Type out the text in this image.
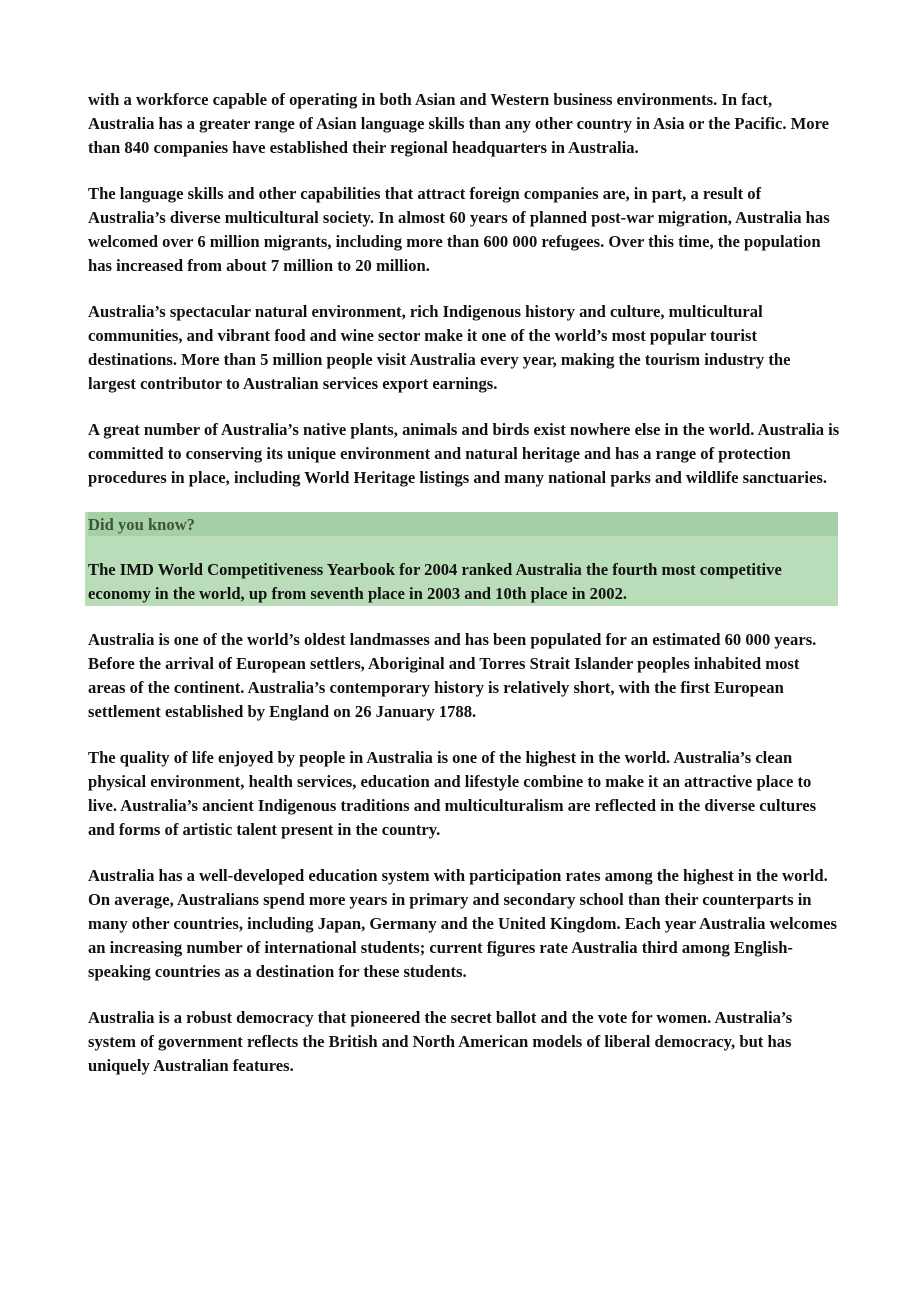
with a workforce capable of operating in both Asian and Western business environments. In fact, Australia has a greater range of Asian language skills than any other country in Asia or the Pacific. More than 840 companies have established their regional headquarters in Australia.

The language skills and other capabilities that attract foreign companies are, in part, a result of Australia’s diverse multicultural society. In almost 60 years of planned post-war migration, Australia has welcomed over 6 million migrants, including more than 600 000 refugees. Over this time, the population has increased from about 7 million to 20 million.

Australia’s spectacular natural environment, rich Indigenous history and culture, multicultural communities, and vibrant food and wine sector make it one of the world’s most popular tourist destinations. More than 5 million people visit Australia every year, making the tourism industry the largest contributor to Australian services export earnings.

A great number of Australia’s native plants, animals and birds exist nowhere else in the world. Australia is committed to conserving its unique environment and natural heritage and has a range of protection procedures in place, including World Heritage listings and many national parks and wildlife sanctuaries.

Did you know?

The IMD World Competitiveness Yearbook for 2004 ranked Australia the fourth most competitive economy in the world, up from seventh place in 2003 and 10th place in 2002.

Australia is one of the world’s oldest landmasses and has been populated for an estimated 60 000 years. Before the arrival of European settlers, Aboriginal and Torres Strait Islander peoples inhabited most areas of the continent. Australia’s contemporary history is relatively short, with the first European settlement established by England on 26 January 1788.

The quality of life enjoyed by people in Australia is one of the highest in the world. Australia’s clean physical environment, health services, education and lifestyle combine to make it an attractive place to live. Australia’s ancient Indigenous traditions and multiculturalism are reflected in the diverse cultures and forms of artistic talent present in the country.

Australia has a well-developed education system with participation rates among the highest in the world. On average, Australians spend more years in primary and secondary school than their counterparts in many other countries, including Japan, Germany and the United Kingdom. Each year Australia welcomes an increasing number of international students; current figures rate Australia third among English-speaking countries as a destination for these students.

Australia is a robust democracy that pioneered the secret ballot and the vote for women. Australia’s system of government reflects the British and North American models of liberal democracy, but has uniquely Australian features.
